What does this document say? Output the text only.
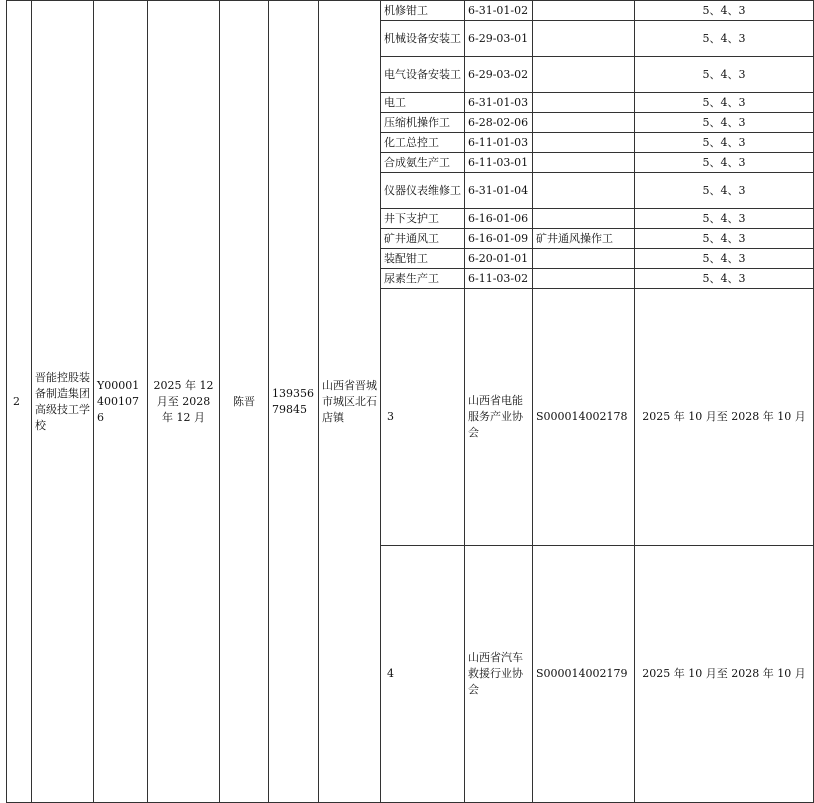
2	晋能控股装备制造集团高级技工学校	Y000014001076	2025 年 12 月至 2028 年 12 月	陈晋	13935679845	山西省晋城市城区北石店镇	机修钳工	6-31-01-02		5、4、3	
							机械设备安装工	6-29-03-01		5、4、3	
							电气设备安装工	6-29-03-02		5、4、3	
							电工	6-31-01-03		5、4、3	
							压缩机操作工	6-28-02-06		5、4、3	
							化工总控工	6-11-01-03		5、4、3	
							合成氨生产工	6-11-03-01		5、4、3	
							仪器仪表维修工	6-31-01-04		5、4、3	
							井下支护工	6-16-01-06		5、4、3	
							矿井通风工	6-16-01-09	矿井通风操作工	5、4、3	
							装配钳工	6-20-01-01		5、4、3	
							尿素生产工	6-11-03-02		5、4、3	
							3	山西省电能服务产业协会	S000014002178	2025 年 10 月至 2028 年 10 月							
							4	山西省汽车救援行业协会	S000014002179	2025 年 10 月至 2028 年 10 月							
